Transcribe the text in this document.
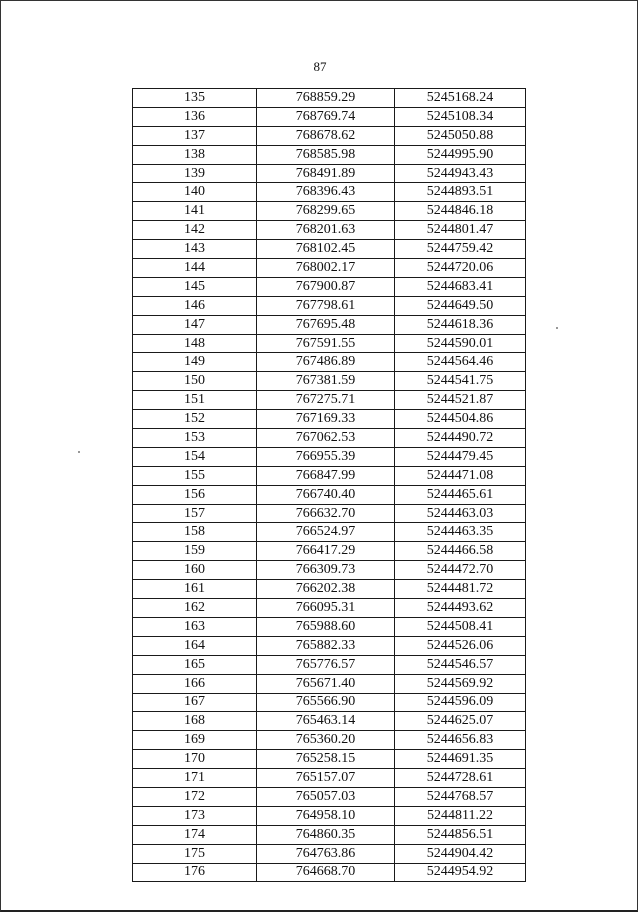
87
135	768859.29	5245168.24
136	768769.74	5245108.34
137	768678.62	5245050.88
138	768585.98	5244995.90
139	768491.89	5244943.43
140	768396.43	5244893.51
141	768299.65	5244846.18
142	768201.63	5244801.47
143	768102.45	5244759.42
144	768002.17	5244720.06
145	767900.87	5244683.41
146	767798.61	5244649.50
147	767695.48	5244618.36
148	767591.55	5244590.01
149	767486.89	5244564.46
150	767381.59	5244541.75
151	767275.71	5244521.87
152	767169.33	5244504.86
153	767062.53	5244490.72
154	766955.39	5244479.45
155	766847.99	5244471.08
156	766740.40	5244465.61
157	766632.70	5244463.03
158	766524.97	5244463.35
159	766417.29	5244466.58
160	766309.73	5244472.70
161	766202.38	5244481.72
162	766095.31	5244493.62
163	765988.60	5244508.41
164	765882.33	5244526.06
165	765776.57	5244546.57
166	765671.40	5244569.92
167	765566.90	5244596.09
168	765463.14	5244625.07
169	765360.20	5244656.83
170	765258.15	5244691.35
171	765157.07	5244728.61
172	765057.03	5244768.57
173	764958.10	5244811.22
174	764860.35	5244856.51
175	764763.86	5244904.42
176	764668.70	5244954.92
